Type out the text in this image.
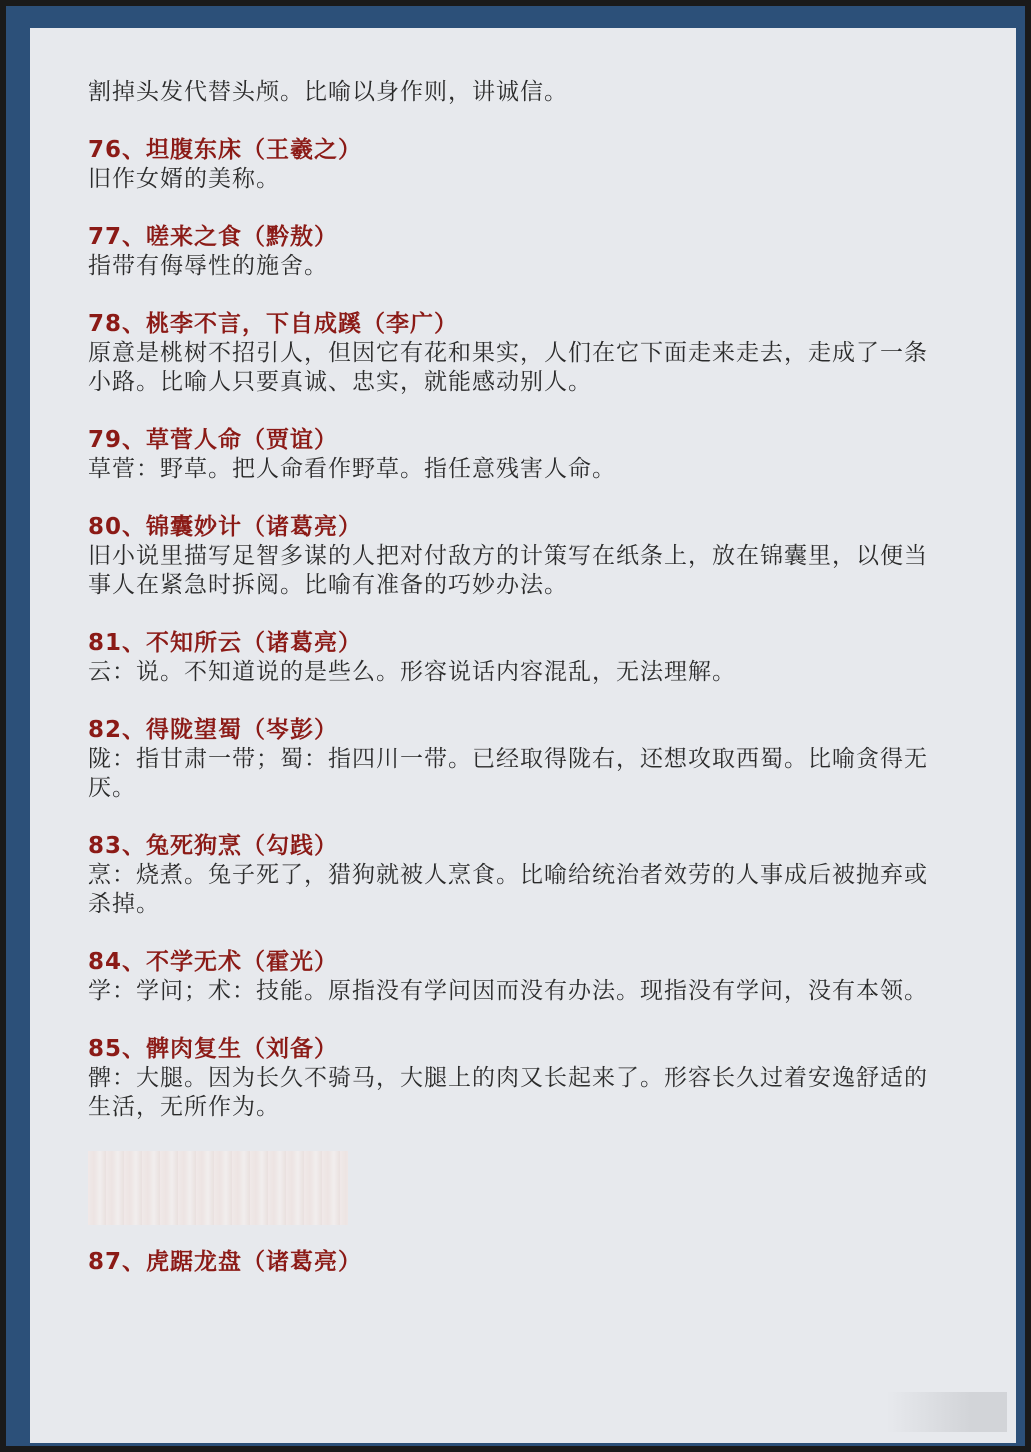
割掉头发代替头颅。比喻以身作则，讲诚信。

76、坦腹东床（王羲之）

旧作女婿的美称。

77、嗟来之食（黔敖）

指带有侮辱性的施舍。

78、桃李不言，下自成蹊（李广）

原意是桃树不招引人，但因它有花和果实，人们在它下面走来走去，走成了一条小路。比喻人只要真诚、忠实，就能感动别人。

79、草菅人命（贾谊）

草菅：野草。把人命看作野草。指任意残害人命。

80、锦囊妙计（诸葛亮）

旧小说里描写足智多谋的人把对付敌方的计策写在纸条上，放在锦囊里，以便当事人在紧急时拆阅。比喻有准备的巧妙办法。

81、不知所云（诸葛亮）

云：说。不知道说的是些么。形容说话内容混乱，无法理解。

82、得陇望蜀（岑彭）

陇：指甘肃一带；蜀：指四川一带。已经取得陇右，还想攻取西蜀。比喻贪得无厌。

83、兔死狗烹（勾践）

烹：烧煮。兔子死了，猎狗就被人烹食。比喻给统治者效劳的人事成后被抛弃或杀掉。

84、不学无术（霍光）

学：学问；术：技能。原指没有学问因而没有办法。现指没有学问，没有本领。

85、髀肉复生（刘备）

髀：大腿。因为长久不骑马，大腿上的肉又长起来了。形容长久过着安逸舒适的生活，无所作为。

87、虎踞龙盘（诸葛亮）
